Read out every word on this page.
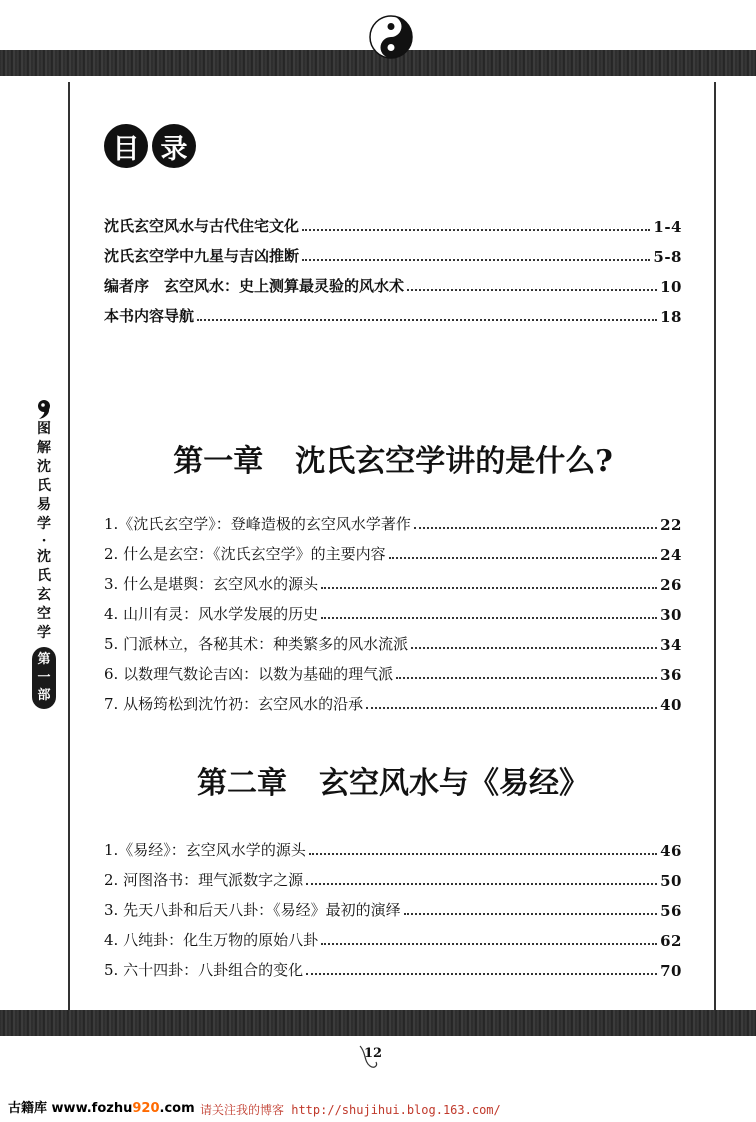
目 录
沈氏玄空风水与古代住宅文化	1-4
沈氏玄空学中九星与吉凶推断	5-8
编者序　玄空风水：史上测算最灵验的风水术	10
本书内容导航	18
第一章 沈氏玄空学讲的是什么?
1.《沈氏玄空学》：登峰造极的玄空风水学著作	22
2. 什么是玄空：《沈氏玄空学》的主要内容	24
3. 什么是堪舆：玄空风水的源头	26
4. 山川有灵：风水学发展的历史	30
5. 门派林立，各秘其术：种类繁多的风水流派	34
6. 以数理气数论吉凶：以数为基础的理气派	36
7. 从杨筠松到沈竹礽：玄空风水的沿承	40
第二章 玄空风水与《易经》
1.《易经》：玄空风水学的源头	46
2. 河图洛书：理气派数字之源	50
3. 先天八卦和后天八卦：《易经》最初的演绎	56
4. 八纯卦：化生万物的原始八卦	62
5. 六十四卦：八卦组合的变化	70
图
解
沈
氏
易
学
·
沈
氏
玄
空
学
第
一
部
12
古籍库 www.fozhu920.com 请关注我的博客 http://shujihui.blog.163.com/
